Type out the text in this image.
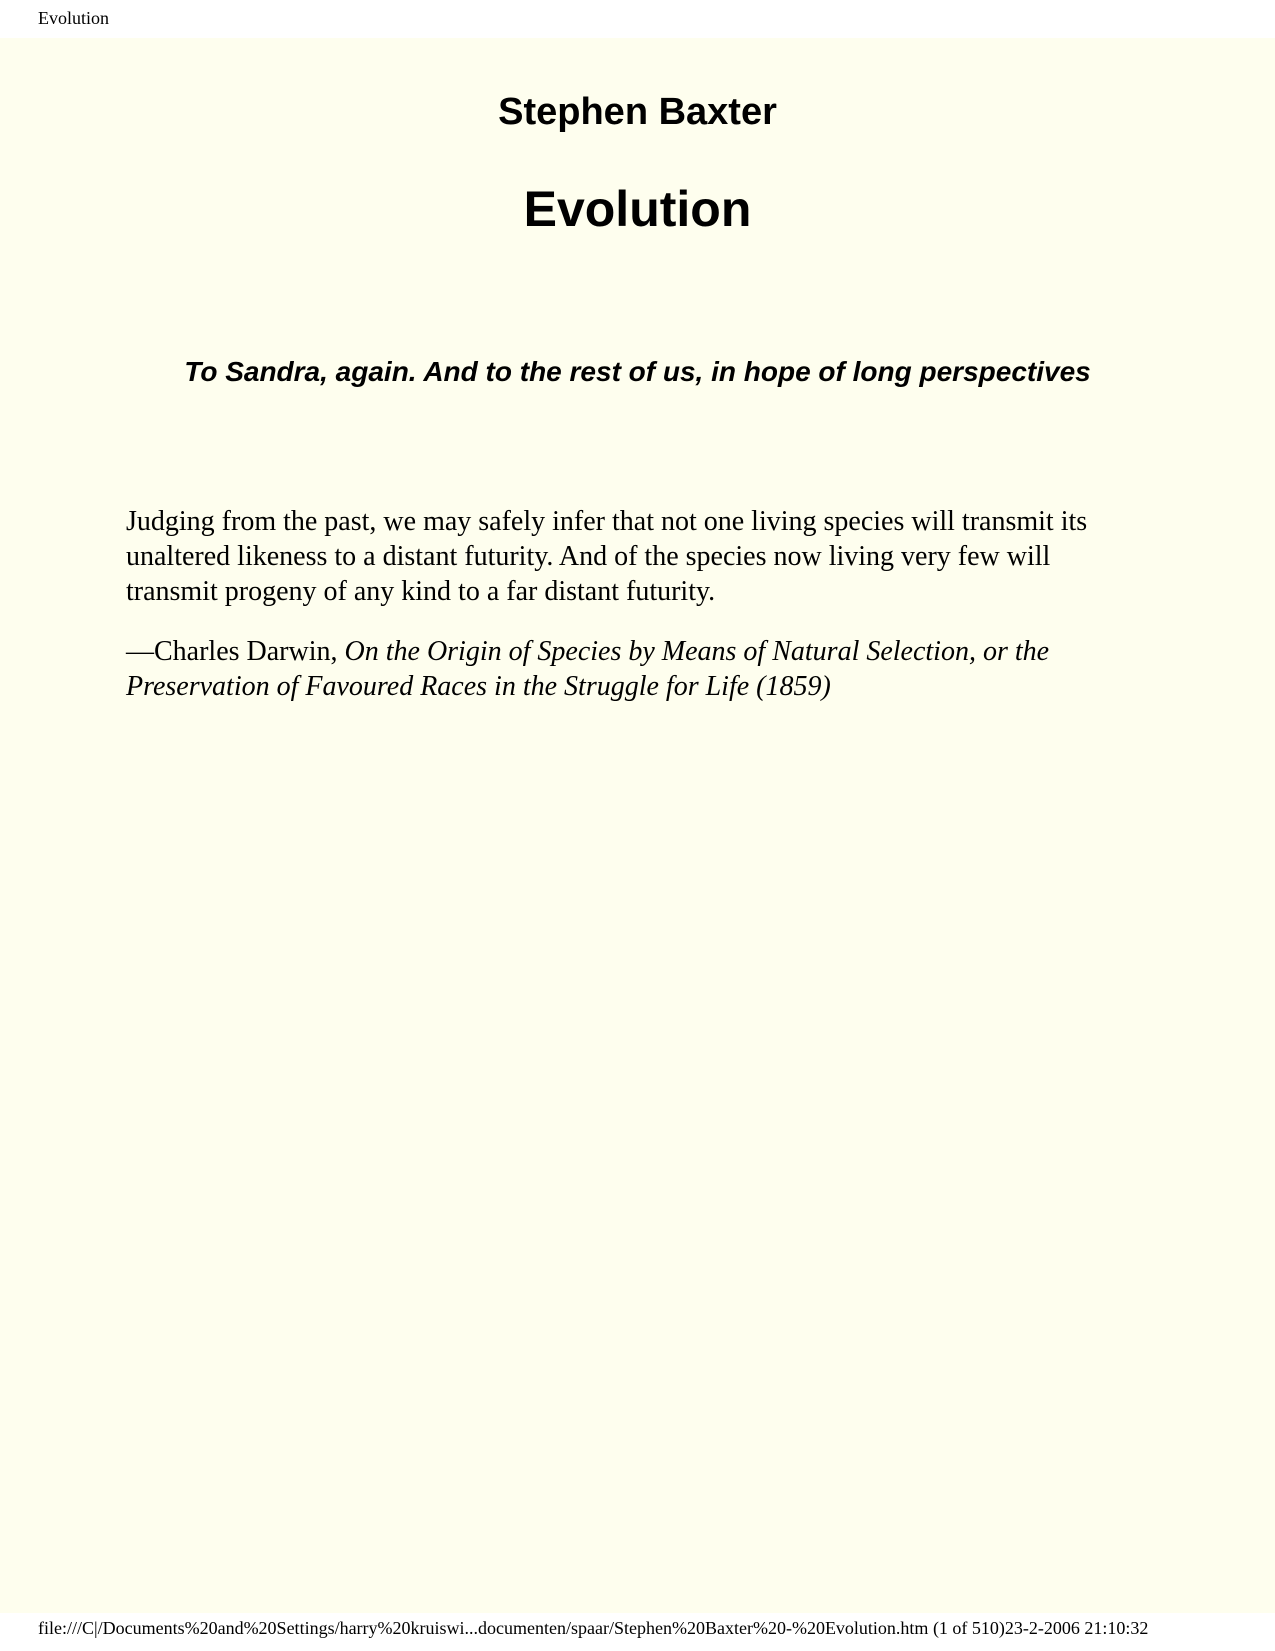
Evolution
Stephen Baxter
Evolution

To Sandra, again. And to the rest of us, in hope of long perspectives

Judging from the past, we may safely infer that not one living species will transmit its unaltered likeness to a distant futurity. And of the species now living very few will transmit progeny of any kind to a far distant futurity.

—Charles Darwin, On the Origin of Species by Means of Natural Selection, or the Preservation of Favoured Races in the Struggle for Life (1859)

file:///C|/Documents%20and%20Settings/harry%20kruiswi...documenten/spaar/Stephen%20Baxter%20-%20Evolution.htm (1 of 510)23-2-2006 21:10:32
